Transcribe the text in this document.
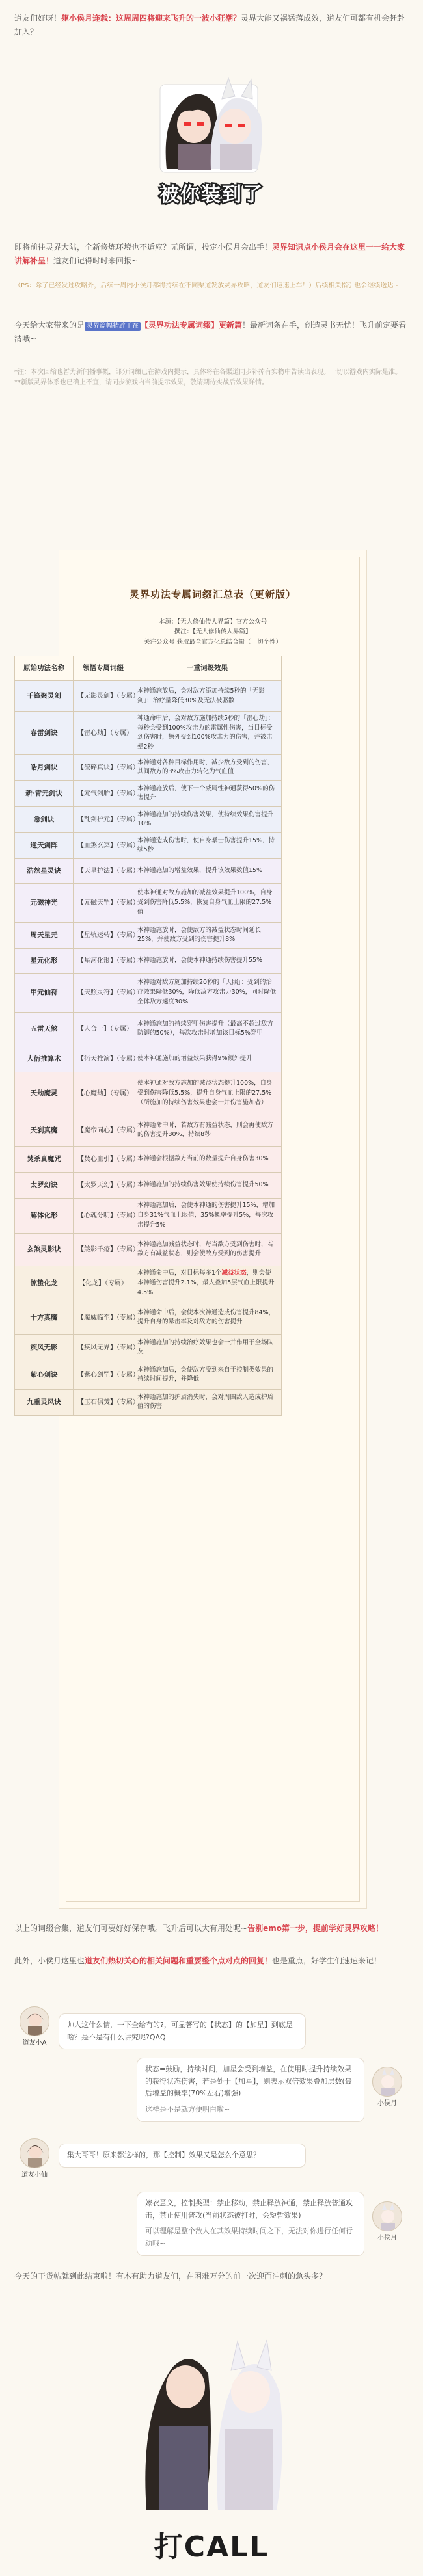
道友们好呀！躯小侯月连载：这周周四将迎来飞升的一波小狂潮？灵界大能又祸猛落成效，道友们可都有机会赶赴加入？
被你装到了
即将前往灵界大陆，全新修炼环境也不适应？无所谓，投定小侯月会出手！灵界知识点小侯月会在这里一一给大家讲解补呈！道友们记得时时来回报~
（PS：除了已经发过攻略外，后续一周内小侯月都将持续在不同渠道发放灵界攻略，道友们速速上车！）后续相关指引也会继续送达~
今天给大家带来的是 灵界篇幅精辟于在 【灵界功法专属词缀】更新篇！最新词条在手，创造灵书无忧！飞升前定要看清哦~
*注：本次回缩也暂为新闻播事概，部分词缀已在游戏内提示，具体将在各渠道同步补掉有实物中告读出表现。一切以游戏内实际是准。
**新版灵界体系也已确上不宜，请同步游戏内当前提示效果，敬请期待实战后效果详情。
灵界功法专属词缀汇总表（更新版）
本源：【无人修仙传人界篇】官方公众号
撰注：【无人修仙传人界篇】
关注公众号 获取最全官方化总结合辑（一切个性）
原始功法名称	领悟专属词缀	一重词缀效果
千锋聚灵剑	【无影灵剑】（专属）	本神通施放后，会对敌方添加持续5秒的「无影剑」：治疗量降低30%及无法被驱散
春雷剑诀	【雷心劫】（专属）	神通命中后，会对敌方施加持续5秒的「雷心劫」：每秒会受到100%攻击力的雷属性伤害，当目标受到伤害时，额外受到100%攻击力的伤害，并被击晕2秒
皓月剑诀	【流碎真诀】（专属）	本神通对各种目标作用时，减少敌方受到的伤害，其间敌方的3%攻击力转化为气血值
新·青元剑诀	【元气剑胎】（专属）	本神通施放后，使下一个威属性神通获得50%的伤害提升
急剑诀	【乱剑护元】（专属）	本神通施加的持续伤害效果，使持续效果伤害提升10%
通天剑阵	【血煞玄冥】（专属）	本神通造成伤害时，使自身暴击伤害提升15%，持续5秒
浩然星灵诀	【天星护法】（专属）	本神通施加的增益效果，提升该效果数值15%
元磁神光	【元磁天罡】（专属）	使本神通对敌方施加的减益效果提升100%，自身受到伤害降低5.5%，恢复自身气血上限的27.5%值
周天星元	【星轨运转】（专属）	本神通施放时，会使敌方的减益状态时间延长25%，并使敌方受到的伤害提升8%
星元化形	【星河化形】（专属）	本神通施放时，会使本神通持续伤害提升55%
甲元仙符	【天照灵符】（专属）	本神通对敌方施加持续20秒的「天照」：受到的治疗效果降低30%，降低敌方攻击力30%，同时降低全体敌方速度30%
五雷天煞	【人合一】（专属）	本神通施加的持续穿甲伤害提升（最高不超过敌方防御的50%），每次攻击时增加该目标5%穿甲
大衍推算术	【衍天推演】（专属）	使本神通施加的增益效果获得9%额外提升
天劫魔灵	【心魔劫】（专属）	使本神通对敌方施加的减益状态提升100%，自身受到伤害降低5.5%，提升自身气血上限的27.5%（所施加的持续伤害效果也会一并伤害施加者）
天刹真魔	【魔帝同心】（专属）	本神通命中时，若敌方有减益状态，则会再使敌方的伤害提升30%，持续8秒
焚杀真魔咒	【焚心血引】（专属）	本神通会根据敌方当前的数量提升自身伤害30%
太罗幻诀	【太罗天幻】（专属）	本神通施加的持续伤害效果使持续伤害提升50%
解体化形	【心魂分明】（专属）	本神通施加后，会使本神通的伤害提升15%，增加自身31%气血上限值，35%概率提升5%，每次攻击提升5%
玄煞灵影诀	【煞影千疮】（专属）	本神通施加减益状态时，每当敌方受到伤害时，若敌方有减益状态，则会使敌方受到的伤害提升
惊蛰化龙	【化龙】（专属）	本神通命中后，对目标每多1个减益状态，则会使本神通伤害提升2.1%，最大叠加5层气血上限提升4.5%
十方真魔	【魔威临至】（专属）	本神通命中后，会使本次神通造成伤害提升84%，提升自身的暴击率及对敌方的伤害提升
疾风无影	【疾风无界】（专属）	本神通施加的持续治疗效果也会一并作用于全场队友
紫心剑诀	【紫心剑罡】（专属）	本神通施加后，会使敌方受到来自于控制类效果的持续时间提升，并降低
九重灵风诀	【玉石俱焚】（专属）	本神通施加的护盾消失时，会对周围敌人造成护盾值的伤害
以上的词缀合集，道友们可要好好保存哦。飞升后可以大有用处呢~告别emo第一步，提前学好灵界攻略！
此外，小侯月这里也道友们热切关心的相关问题和重要整个点对点的回复！也是重点，好学生们速速来记！
道友小A
帅人这什么情，一下全给有的?，可显著写的【状态】的【加星】到底是啥？是不是有什么讲究呢?QAQ
小侯月
状态=鼓励，持续时间，加星会受到增益，在使用时提升持续效果的获得状态伤害，若是处于【加星】，则表示双倍效果叠加层数(最后增益的概率(70%左右)增强)
这样是不是就方便明白啦~
道友小仙
集大哥哥！原来都这样的，那【控制】效果又是怎么个意思？
小侯月
嫁衣意义，控制类型：禁止移动，禁止释放神通，禁止释放普通攻击，禁止使用普攻(当前状态被打时，会短暂效果)
可以理解是整个敌人在其效果持续时间之下，无法对你进行任何行动哦~
今天的干货帖就到此结束啦！有木有助力道友们，在困难万分的前一次迎面冲刺的急头多？
打CALL
